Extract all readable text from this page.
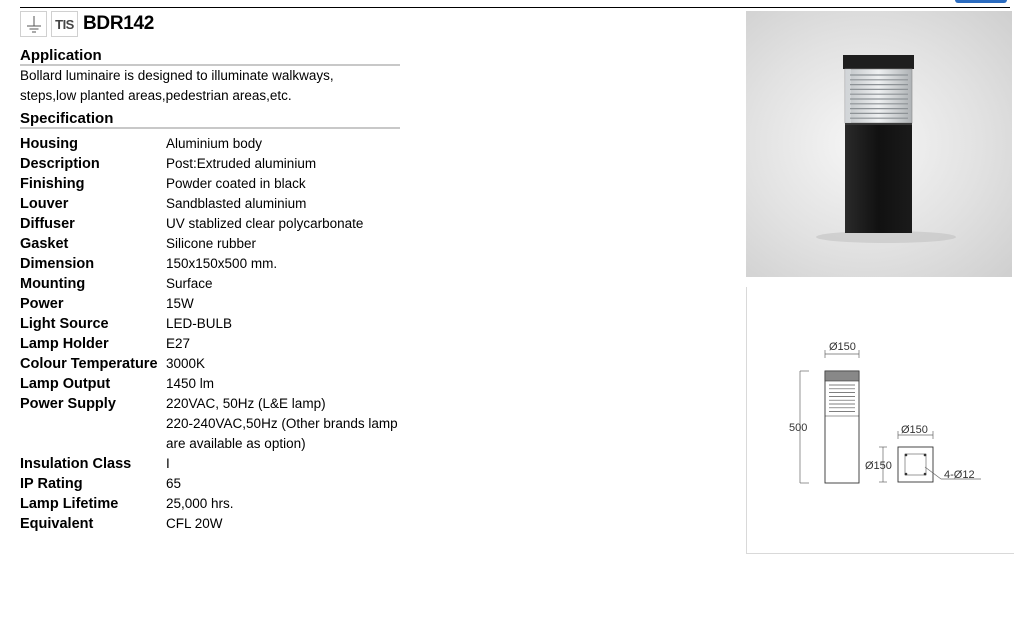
TIS BDR142
Application
Bollard luminaire is designed to illuminate walkways,
steps,low planted areas,pedestrian areas,etc.
Specification
Housing	Aluminium body
Description	Post:Extruded aluminium
Finishing	Powder coated in black
Louver	Sandblasted aluminium
Diffuser	UV stablized clear polycarbonate
Gasket	Silicone rubber
Dimension	150x150x500 mm.
Mounting	Surface
Power	15W
Light Source	LED-BULB
Lamp Holder	E27
Colour Temperature 3000K
Lamp Output	1450 lm
Power Supply	220VAC, 50Hz (L&E lamp)
220-240VAC,50Hz (Other brands lamp
are available as option)
Insulation Class	I
IP Rating	65
Lamp Lifetime	25,000 hrs.
Equivalent	CFL 20W
Ø150
500	Ø150
Ø150
4-Ø12
